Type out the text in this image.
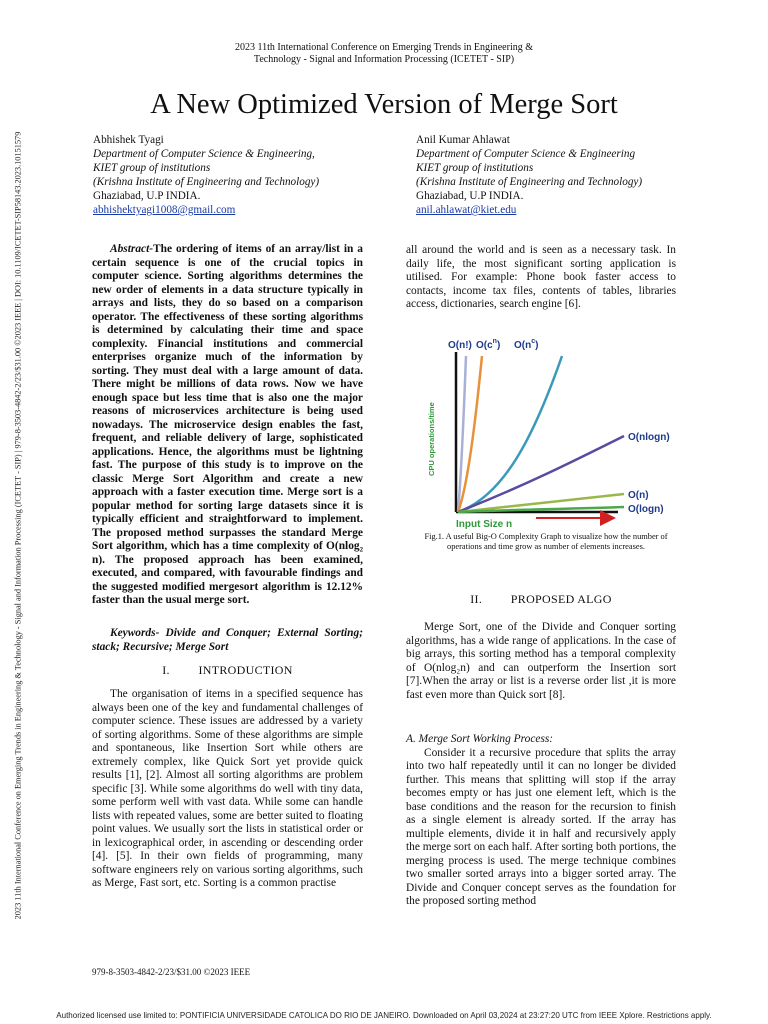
2023 11th International Conference on Emerging Trends in Engineering & Technology - Signal and Information Processing (ICETET - SIP) | 979-8-3503-4842-2/23/$31.00 ©2023 IEEE | DOI: 10.1109/ICETET-SIP58143.2023.10151579
2023 11th International Conference on Emerging Trends in Engineering &
Technology - Signal and Information Processing (ICETET - SIP)
A New Optimized Version of Merge Sort
Abhishek Tyagi
Department of Computer Science & Engineering,
KIET group of institutions
(Krishna Institute of Engineering and Technology)
Ghaziabad, U.P INDIA.
abhishektyagi1008@gmail.com
Anil Kumar Ahlawat
Department of Computer Science & Engineering
KIET group of institutions
(Krishna Institute of Engineering and Technology)
Ghaziabad, U.P INDIA.
anil.ahlawat@kiet.edu

Abstract-The ordering of items of an array/list in a certain sequence is one of the crucial topics in computer science. Sorting algorithms determines the new order of elements in a data structure typically in arrays and lists, they do so based on a comparison operator. The effectiveness of these sorting algorithms is determined by calculating their time and space complexity. Financial institutions and commercial enterprises organize much of the information by sorting. They must deal with a large amount of data. There might be millions of data rows. Now we have enough space but less time that is also one the major reasons of microservices architecture is being used nowadays. The microservice design enables the fast, frequent, and reliable delivery of large, sophisticated applications. Hence, the algorithms must be lightning fast. The purpose of this study is to improve on the classic Merge Sort Algorithm and create a new approach with a faster execution time. Merge sort is a popular method for sorting large datasets since it is typically efficient and straightforward to implement. The proposed method surpasses the standard Merge Sort algorithm, which has a time complexity of O(nlog₂ n). The proposed approach has been examined, executed, and compared, with favourable findings and the suggested modified mergesort algorithm is 12.12% faster than the usual merge sort.

Keywords- Divide and Conquer; External Sorting; stack; Recursive; Merge Sort

I. INTRODUCTION

The organisation of items in a specified sequence has always been one of the key and fundamental challenges of computer science. These issues are addressed by a variety of sorting algorithms. Some of these algorithms are simple and spontaneous, like Insertion Sort while others are extremely complex, like Quick Sort yet provide quick results [1], [2]. Almost all sorting algorithms are problem specific [3]. While some algorithms do well with tiny data, some perform well with vast data. While some can handle lists with repeated values, some are better suited to floating point values. We usually sort the lists in statistical order or in lexicographical order, in ascending or descending order [4]. [5]. In their own fields of programming, many software engineers rely on various sorting algorithms, such as Merge, Fast sort, etc. Sorting is a common practise

all around the world and is seen as a necessary task. In daily life, the most significant sorting application is utilised. For example: Phone book faster access to contacts, income tax files, contents of tables, libraries access, dictionaries, search engine [6].

O(n!) $O(c^n)$ $O(n^c)$
O(nlogn)
O(n)
O(logn)
Input Size n
CPU operations/time
Fig.1. A useful Big-O Complexity Graph to visualize how the number of operations and time grow as number of elements increases.
II. PROPOSED ALGO

Merge Sort, one of the Divide and Conquer sorting algorithms, has a wide range of applications. In the case of big arrays, this sorting method has a temporal complexity of O(nlog₂n) and can outperform the Insertion sort [7].When the array or list is a reverse order list ,it is more fast even more than Quick sort [8].

A. Merge Sort Working Process:

Consider it a recursive procedure that splits the array into two half repeatedly until it can no longer be divided further. This means that splitting will stop if the array becomes empty or has just one element left, which is the base conditions and the reason for the recursion to finish as a single element is already sorted. If the array has multiple elements, divide it in half and recursively apply the merge sort on each half. After sorting both portions, the merging process is used. The merge technique combines two smaller sorted arrays into a bigger sorted array. The Divide and Conquer concept serves as the foundation for the proposed sorting method

979-8-3503-4842-2/23/$31.00 ©2023 IEEE
Authorized licensed use limited to: PONTIFICIA UNIVERSIDADE CATOLICA DO RIO DE JANEIRO. Downloaded on April 03,2024 at 23:27:20 UTC from IEEE Xplore. Restrictions apply.
